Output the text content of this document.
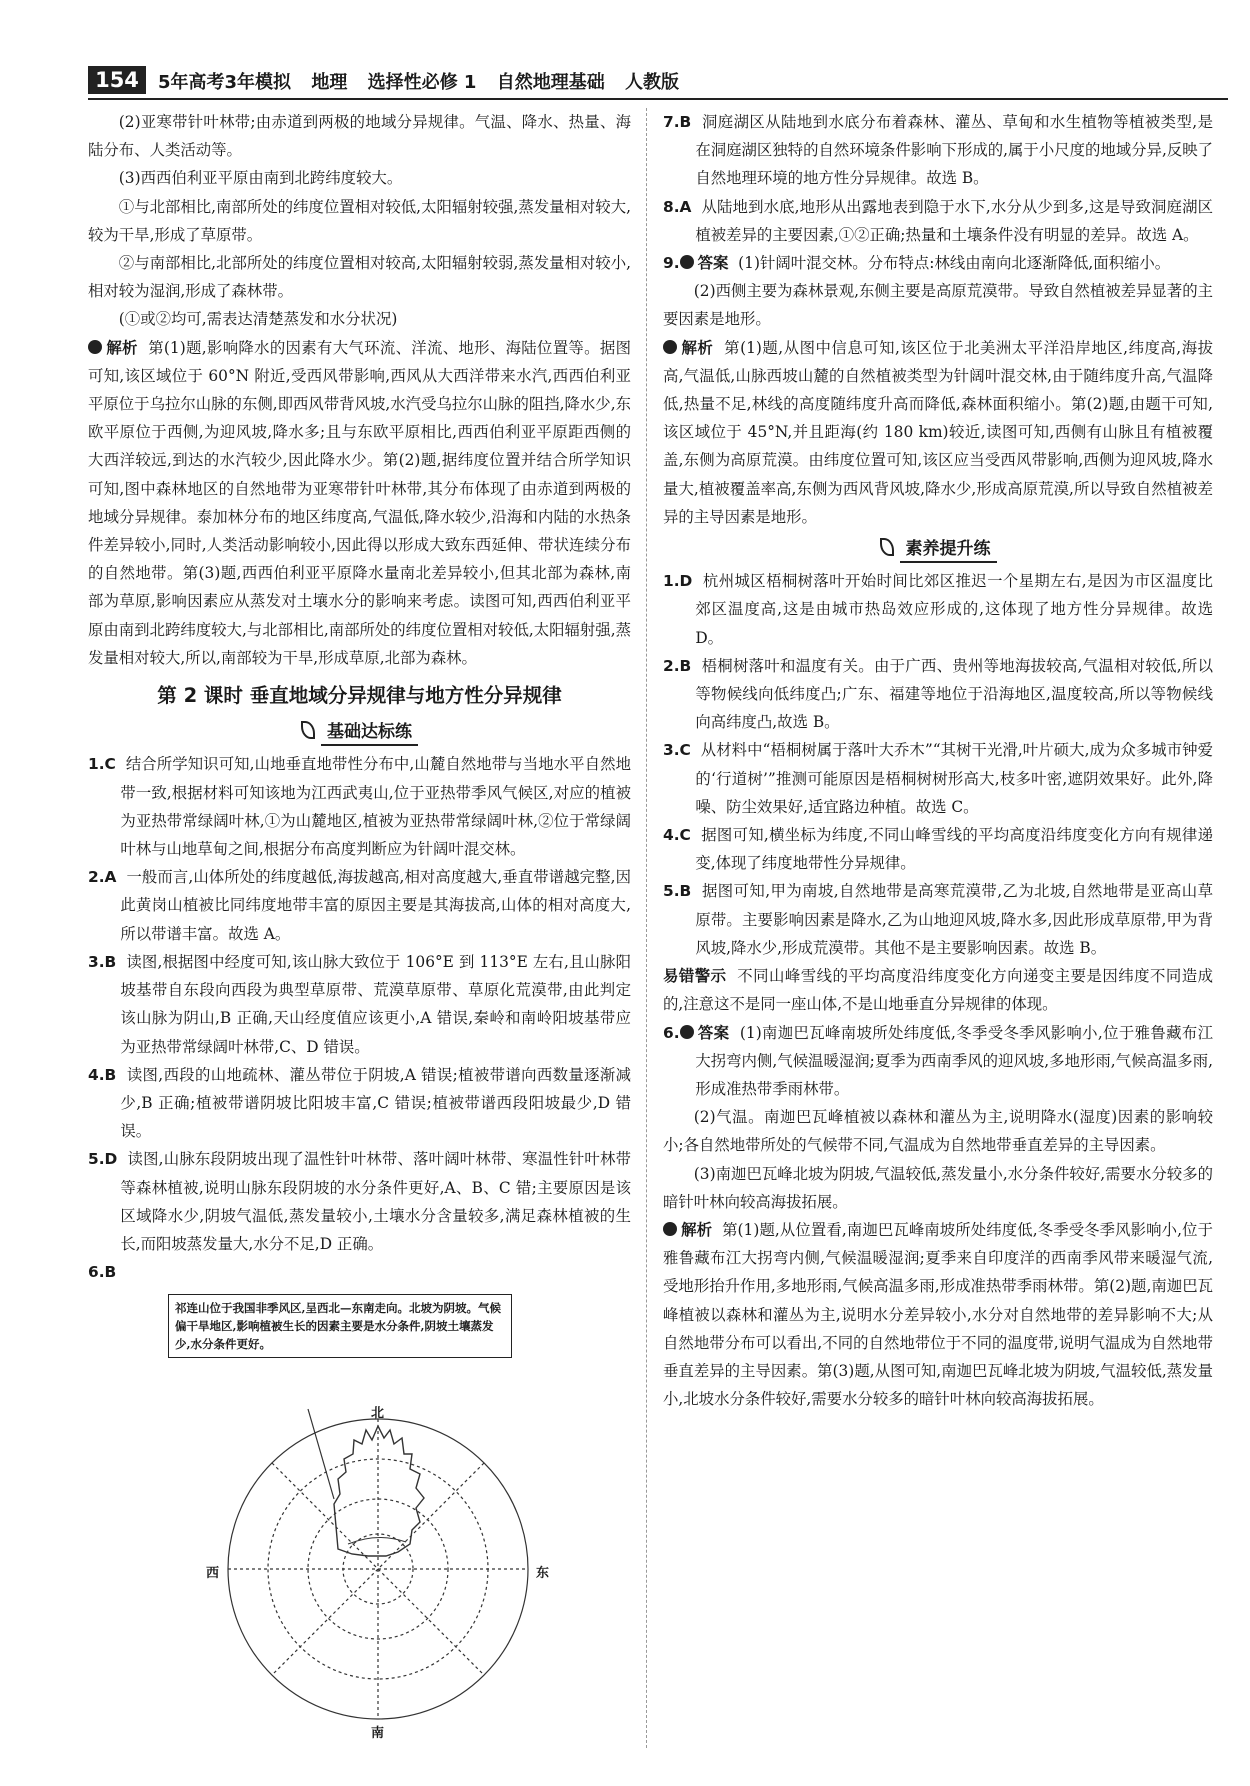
154	5年高考3年模拟 地理 选择性必修 1 自然地理基础 人教版

(2)亚寒带针叶林带;由赤道到两极的地域分异规律。气温、降水、热量、海陆分布、人类活动等。

(3)西西伯利亚平原由南到北跨纬度较大。

①与北部相比,南部所处的纬度位置相对较低,太阳辐射较强,蒸发量相对较大,较为干旱,形成了草原带。

②与南部相比,北部所处的纬度位置相对较高,太阳辐射较弱,蒸发量相对较小,相对较为湿润,形成了森林带。

(①或②均可,需表达清楚蒸发和水分状况)

解析 第(1)题,影响降水的因素有大气环流、洋流、地形、海陆位置等。据图可知,该区域位于 60°N 附近,受西风带影响,西风从大西洋带来水汽,西西伯利亚平原位于乌拉尔山脉的东侧,即西风带背风坡,水汽受乌拉尔山脉的阻挡,降水少,东欧平原位于西侧,为迎风坡,降水多;且与东欧平原相比,西西伯利亚平原距西侧的大西洋较远,到达的水汽较少,因此降水少。第(2)题,据纬度位置并结合所学知识可知,图中森林地区的自然地带为亚寒带针叶林带,其分布体现了由赤道到两极的地域分异规律。泰加林分布的地区纬度高,气温低,降水较少,沿海和内陆的水热条件差异较小,同时,人类活动影响较小,因此得以形成大致东西延伸、带状连续分布的自然地带。第(3)题,西西伯利亚平原降水量南北差异较小,但其北部为森林,南部为草原,影响因素应从蒸发对土壤水分的影响来考虑。读图可知,西西伯利亚平原由南到北跨纬度较大,与北部相比,南部所处的纬度位置相对较低,太阳辐射强,蒸发量相对较大,所以,南部较为干旱,形成草原,北部为森林。

第 2 课时 垂直地域分异规律与地方性分异规律
基础达标练

1.C 结合所学知识可知,山地垂直地带性分布中,山麓自然地带与当地水平自然地带一致,根据材料可知该地为江西武夷山,位于亚热带季风气候区,对应的植被为亚热带常绿阔叶林,①为山麓地区,植被为亚热带常绿阔叶林,②位于常绿阔叶林与山地草甸之间,根据分布高度判断应为针阔叶混交林。

2.A 一般而言,山体所处的纬度越低,海拔越高,相对高度越大,垂直带谱越完整,因此黄岗山植被比同纬度地带丰富的原因主要是其海拔高,山体的相对高度大,所以带谱丰富。故选 A。

3.B 读图,根据图中经度可知,该山脉大致位于 106°E 到 113°E 左右,且山脉阳坡基带自东段向西段为典型草原带、荒漠草原带、草原化荒漠带,由此判定该山脉为阴山,B 正确,天山经度值应该更小,A 错误,秦岭和南岭阳坡基带应为亚热带常绿阔叶林带,C、D 错误。

4.B 读图,西段的山地疏林、灌丛带位于阴坡,A 错误;植被带谱向西数量逐渐减少,B 正确;植被带谱阴坡比阳坡丰富,C 错误;植被带谱西段阳坡最少,D 错误。

5.D 读图,山脉东段阴坡出现了温性针叶林带、落叶阔叶林带、寒温性针叶林带等森林植被,说明山脉东段阴坡的水分条件更好,A、B、C 错;主要原因是该区域降水少,阴坡气温低,蒸发量较小,土壤水分含量较多,满足森林植被的生长,而阳坡蒸发量大,水分不足,D 正确。

6.B

祁连山位于我国非季风区,呈西北—东南走向。北坡为阴坡。气候偏干旱地区,影响植被生长的因素主要是水分条件,阴坡土壤蒸发少,水分条件更好。
北
南
西	东

7.B 洞庭湖区从陆地到水底分布着森林、灌丛、草甸和水生植物等植被类型,是在洞庭湖区独特的自然环境条件影响下形成的,属于小尺度的地域分异,反映了自然地理环境的地方性分异规律。故选 B。

8.A 从陆地到水底,地形从出露地表到隐于水下,水分从少到多,这是导致洞庭湖区植被差异的主要因素,①②正确;热量和土壤条件没有明显的差异。故选 A。

9. 答案 (1)针阔叶混交林。分布特点:林线由南向北逐渐降低,面积缩小。

(2)西侧主要为森林景观,东侧主要是高原荒漠带。导致自然植被差异显著的主要因素是地形。

解析 第(1)题,从图中信息可知,该区位于北美洲太平洋沿岸地区,纬度高,海拔高,气温低,山脉西坡山麓的自然植被类型为针阔叶混交林,由于随纬度升高,气温降低,热量不足,林线的高度随纬度升高而降低,森林面积缩小。第(2)题,由题干可知,该区域位于 45°N,并且距海(约 180 km)较近,读图可知,西侧有山脉且有植被覆盖,东侧为高原荒漠。由纬度位置可知,该区应当受西风带影响,西侧为迎风坡,降水量大,植被覆盖率高,东侧为西风背风坡,降水少,形成高原荒漠,所以导致自然植被差异的主导因素是地形。

素养提升练

1.D 杭州城区梧桐树落叶开始时间比郊区推迟一个星期左右,是因为市区温度比郊区温度高,这是由城市热岛效应形成的,这体现了地方性分异规律。故选 D。

2.B 梧桐树落叶和温度有关。由于广西、贵州等地海拔较高,气温相对较低,所以等物候线向低纬度凸;广东、福建等地位于沿海地区,温度较高,所以等物候线向高纬度凸,故选 B。

3.C 从材料中“梧桐树属于落叶大乔木”“其树干光滑,叶片硕大,成为众多城市钟爱的‘行道树’”推测可能原因是梧桐树树形高大,枝多叶密,遮阴效果好。此外,降噪、防尘效果好,适宜路边种植。故选 C。

4.C 据图可知,横坐标为纬度,不同山峰雪线的平均高度沿纬度变化方向有规律递变,体现了纬度地带性分异规律。

5.B 据图可知,甲为南坡,自然地带是高寒荒漠带,乙为北坡,自然地带是亚高山草原带。主要影响因素是降水,乙为山地迎风坡,降水多,因此形成草原带,甲为背风坡,降水少,形成荒漠带。其他不是主要影响因素。故选 B。

易错警示 不同山峰雪线的平均高度沿纬度变化方向递变主要是因纬度不同造成的,注意这不是同一座山体,不是山地垂直分异规律的体现。

6. 答案 (1)南迦巴瓦峰南坡所处纬度低,冬季受冬季风影响小,位于雅鲁藏布江大拐弯内侧,气候温暖湿润;夏季为西南季风的迎风坡,多地形雨,气候高温多雨,形成准热带季雨林带。

(2)气温。南迦巴瓦峰植被以森林和灌丛为主,说明降水(湿度)因素的影响较小;各自然地带所处的气候带不同,气温成为自然地带垂直差异的主导因素。

(3)南迦巴瓦峰北坡为阴坡,气温较低,蒸发量小,水分条件较好,需要水分较多的暗针叶林向较高海拔拓展。

解析 第(1)题,从位置看,南迦巴瓦峰南坡所处纬度低,冬季受冬季风影响小,位于雅鲁藏布江大拐弯内侧,气候温暖湿润;夏季来自印度洋的西南季风带来暖湿气流,受地形抬升作用,多地形雨,气候高温多雨,形成准热带季雨林带。第(2)题,南迦巴瓦峰植被以森林和灌丛为主,说明水分差异较小,水分对自然地带的差异影响不大;从自然地带分布可以看出,不同的自然地带位于不同的温度带,说明气温成为自然地带垂直差异的主导因素。第(3)题,从图可知,南迦巴瓦峰北坡为阴坡,气温较低,蒸发量小,北坡水分条件较好,需要水分较多的暗针叶林向较高海拔拓展。
